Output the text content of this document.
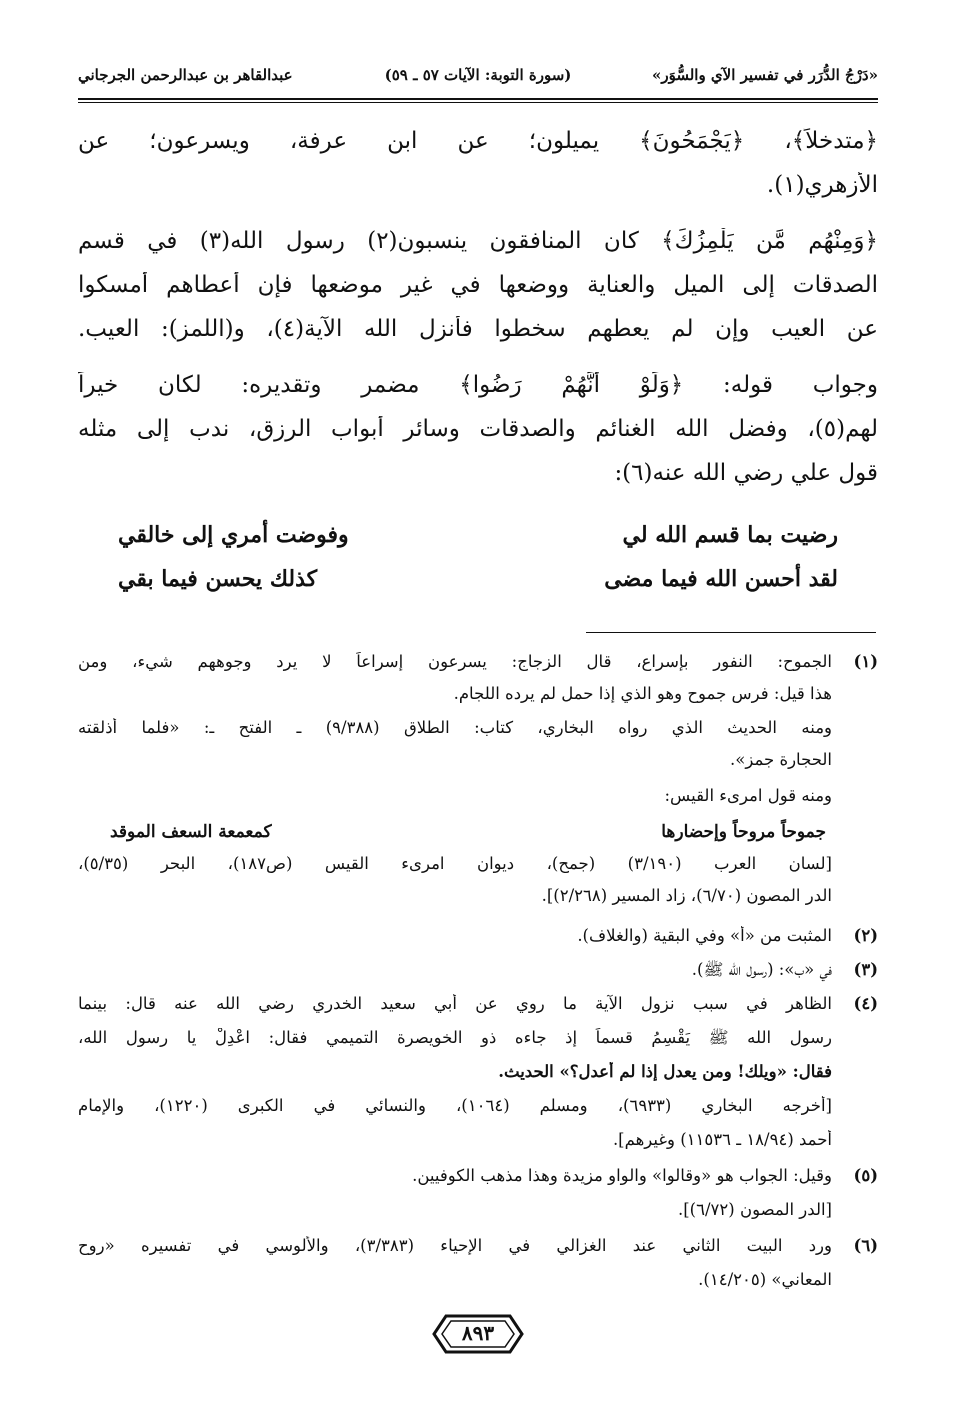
«دَرْجُ الدُّرَر في تفسير الآي والسُّوَر»
(سورة التوبة: الآيات ٥٧ ـ ٥٩)
عبدالقاهر بن عبدالرحمن الجرجاني
﴿متدخلاً﴾، ﴿يَجْمَحُونَ﴾ يميلون؛ عن ابن عرفة، ويسرعون؛ عن
الأزهري(١).
﴿وَمِنْهُم مَّن يَلْمِزُكَ﴾ كان المنافقون ينسبون(٢) رسول الله(٣) في قسم
الصدقات إلى الميل والعناية ووضعها في غير موضعها فإن أعطاهم أمسكوا
عن العيب وإن لم يعطهم سخطوا فأنزل الله الآية(٤)، و(اللمز): العيب.
وجواب قوله: ﴿وَلَوْ أَنَّهُمْ رَضُوا﴾ مضمر وتقديره: لكان خيراً
لهم(٥)، وفضل الله الغنائم والصدقات وسائر أبواب الرزق، ندب إلى مثله
قول علي رضي الله عنه(٦):
رضيت بما قسم الله لي
وفوضت أمري إلى خالقي
لقد أحسن الله فيما مضى
كذلك يحسن فيما بقي
(١)
الجموح: النفور بإسراع، قال الزجاج: يسرعون إسراعاً لا يرد وجوههم شيء، ومن
هذا قيل: فرس جموح وهو الذي إذا حمل لم يرده اللجام.
ومنه الحديث الذي رواه البخاري، كتاب: الطلاق (٩/٣٨٨) ـ الفتح ـ: «فلما أذلقته
الحجارة جمز».
ومنه قول امرىء القيس:
جموحاً مروحاً وإحضارها
كمعمعة السعف الموقد
[لسان العرب (٣/١٩٠) (جمح)، ديوان امرىء القيس (ص١٨٧)، البحر (٥/٣٥)،
الدر المصون (٦/٧٠)، زاد المسير (٢/٢٦٨)].
(٢)
المثبت من «أ» وفي البقية (والغلاف).
(٣)
في «ب»: (رسول الله ﷺ).
(٤)
الظاهر في سبب نزول الآية ما روي عن أبي سعيد الخدري رضي الله عنه قال: بينما
رسول الله ﷺ يَقْسِمُ قسماً إذ جاءه ذو الخويصرة التميمي فقال: اعْدِلْ يا رسول الله،
فقال: «ويلك! ومن يعدل إذا لم أعدل؟» الحديث.
[أخرجه البخاري (٦٩٣٣)، ومسلم (١٠٦٤)، والنسائي في الكبرى (١٢٢٠)، والإمام
أحمد (١٨/٩٤ ـ ١١٥٣٦) وغيرهم].
(٥)
وقيل: الجواب هو «وقالوا» والواو مزيدة وهذا مذهب الكوفيين.
[الدر المصون (٦/٧٢)].
(٦)
ورد البيت الثاني عند الغزالي في الإحياء (٣/٣٨٣)، والألوسي في تفسيره «روح
المعاني» (١٤/٢٠٥).
٨٩٣
